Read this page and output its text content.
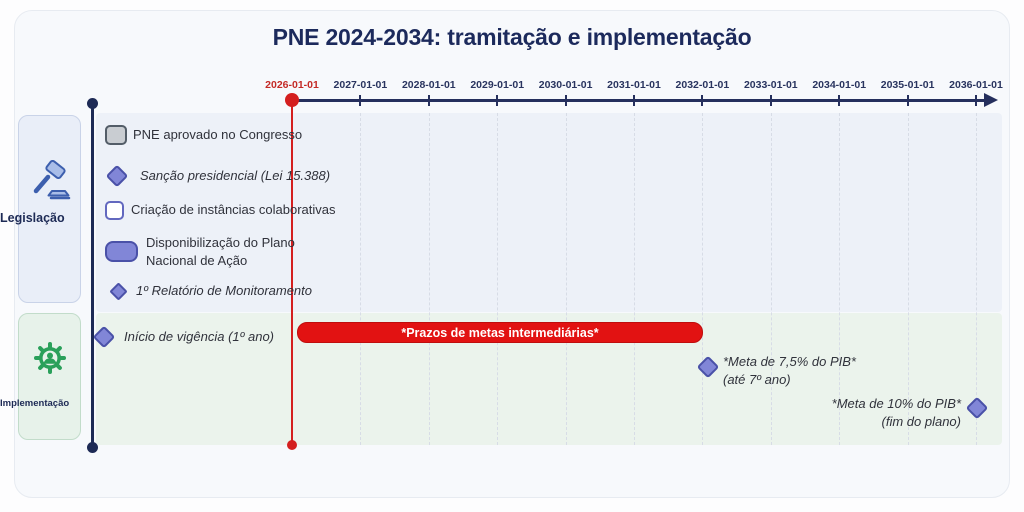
PNE 2024-2034: tramitação e implementação
2026-01-01	2027-01-01	2028-01-01	2029-01-01	2030-01-01	2031-01-01	2032-01-01	2033-01-01	2034-01-01	2035-01-01	2036-01-01
Legislação
Implementação
PNE aprovado no Congresso
Sanção presidencial (Lei 15.388)
Criação de instâncias colaborativas
Disponibilização do Plano
Nacional de Ação
1º Relatório de Monitoramento
Início de vigência (1º ano)	*Prazos de metas intermediárias*
*Meta de 7,5% do PIB*
(até 7º ano)
*Meta de 10% do PIB*
(fim do plano)
